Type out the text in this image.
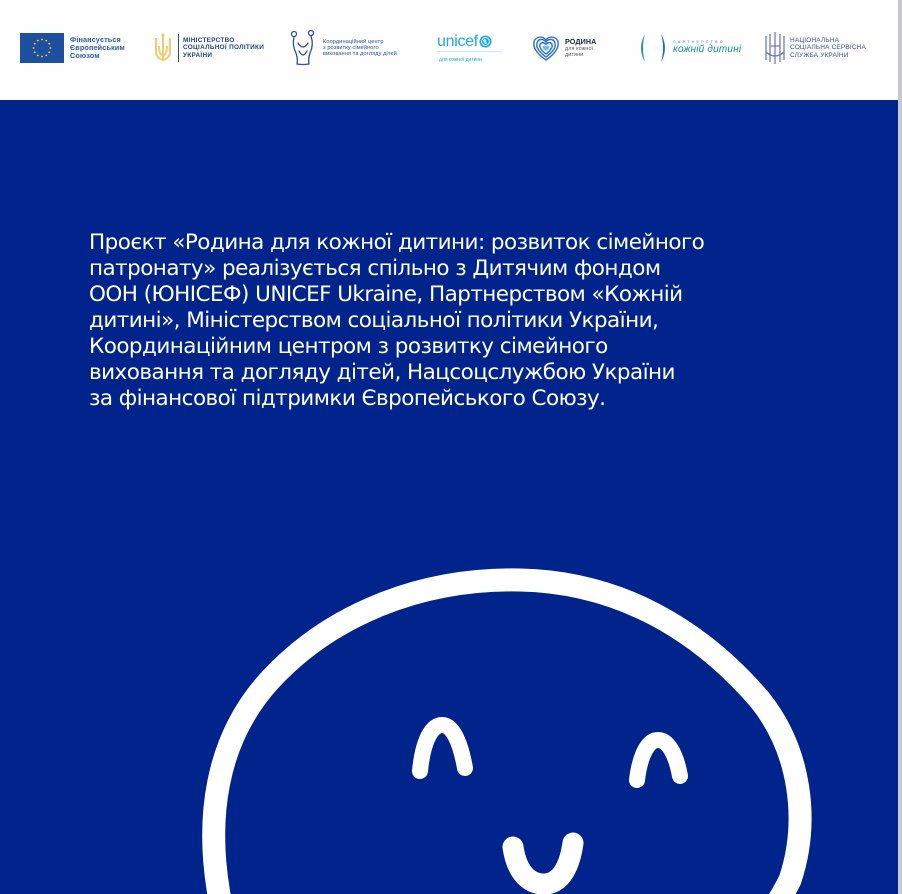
Фінансується
Європейським
Союзом
МІНІСТЕРСТВО
СОЦІАЛЬНОЇ ПОЛІТИКИ
УКРАЇНИ
Координаційний центр
з розвитку сімейного
виховання та догляду дітей
unicef
для кожної дитини
РОДИНА
для кожної
дитини
ПАРТНЕРСТВО
кожній дитині
НАЦІОНАЛЬНА
СОЦІАЛЬНА СЕРВІСНА
СЛУЖБА УКРАЇНИ
Проєкт «Родина для кожної дитини: розвиток сімейного
патронату» реалізується спільно з Дитячим фондом
ООН (ЮНІСЕФ) UNICEF Ukraine, Партнерством «Кожній
дитині», Міністерством соціальної політики України,
Координаційним центром з розвитку сімейного
виховання та догляду дітей, Нацсоцслужбою України
за фінансової підтримки Європейського Союзу.
